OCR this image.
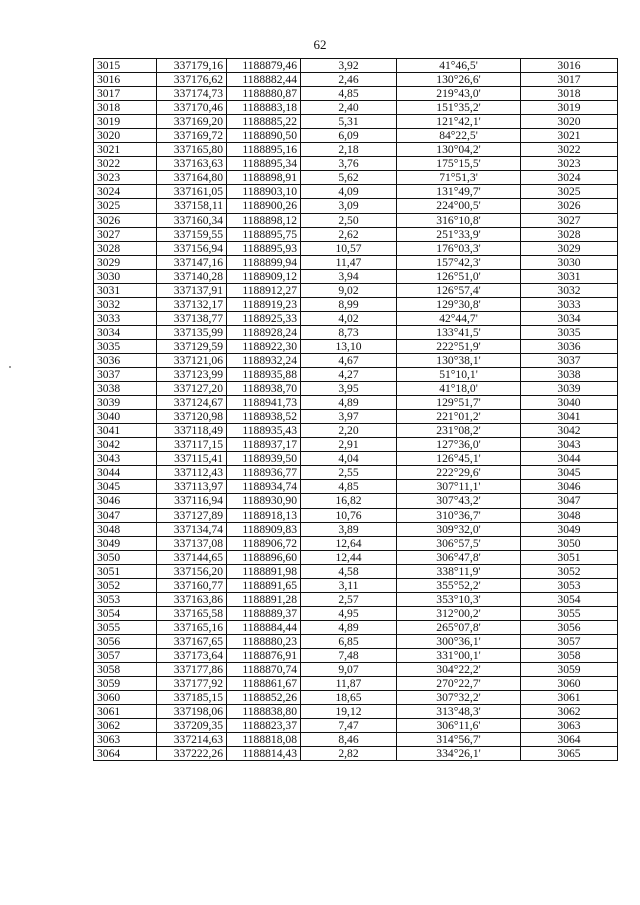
62
3015	337179,16	1188879,46	3,92	41°46,5'	3016
3016	337176,62	1188882,44	2,46	130°26,6'	3017
3017	337174,73	1188880,87	4,85	219°43,0'	3018
3018	337170,46	1188883,18	2,40	151°35,2'	3019
3019	337169,20	1188885,22	5,31	121°42,1'	3020
3020	337169,72	1188890,50	6,09	84°22,5'	3021
3021	337165,80	1188895,16	2,18	130°04,2'	3022
3022	337163,63	1188895,34	3,76	175°15,5'	3023
3023	337164,80	1188898,91	5,62	71°51,3'	3024
3024	337161,05	1188903,10	4,09	131°49,7'	3025
3025	337158,11	1188900,26	3,09	224°00,5'	3026
3026	337160,34	1188898,12	2,50	316°10,8'	3027
3027	337159,55	1188895,75	2,62	251°33,9'	3028
3028	337156,94	1188895,93	10,57	176°03,3'	3029
3029	337147,16	1188899,94	11,47	157°42,3'	3030
3030	337140,28	1188909,12	3,94	126°51,0'	3031
3031	337137,91	1188912,27	9,02	126°57,4'	3032
3032	337132,17	1188919,23	8,99	129°30,8'	3033
3033	337138,77	1188925,33	4,02	42°44,7'	3034
3034	337135,99	1188928,24	8,73	133°41,5'	3035
3035	337129,59	1188922,30	13,10	222°51,9'	3036
3036	337121,06	1188932,24	4,67	130°38,1'	3037
3037	337123,99	1188935,88	4,27	51°10,1'	3038
3038	337127,20	1188938,70	3,95	41°18,0'	3039
3039	337124,67	1188941,73	4,89	129°51,7'	3040
3040	337120,98	1188938,52	3,97	221°01,2'	3041
3041	337118,49	1188935,43	2,20	231°08,2'	3042
3042	337117,15	1188937,17	2,91	127°36,0'	3043
3043	337115,41	1188939,50	4,04	126°45,1'	3044
3044	337112,43	1188936,77	2,55	222°29,6'	3045
3045	337113,97	1188934,74	4,85	307°11,1'	3046
3046	337116,94	1188930,90	16,82	307°43,2'	3047
3047	337127,89	1188918,13	10,76	310°36,7'	3048
3048	337134,74	1188909,83	3,89	309°32,0'	3049
3049	337137,08	1188906,72	12,64	306°57,5'	3050
3050	337144,65	1188896,60	12,44	306°47,8'	3051
3051	337156,20	1188891,98	4,58	338°11,9'	3052
3052	337160,77	1188891,65	3,11	355°52,2'	3053
3053	337163,86	1188891,28	2,57	353°10,3'	3054
3054	337165,58	1188889,37	4,95	312°00,2'	3055
3055	337165,16	1188884,44	4,89	265°07,8'	3056
3056	337167,65	1188880,23	6,85	300°36,1'	3057
3057	337173,64	1188876,91	7,48	331°00,1'	3058
3058	337177,86	1188870,74	9,07	304°22,2'	3059
3059	337177,92	1188861,67	11,87	270°22,7'	3060
3060	337185,15	1188852,26	18,65	307°32,2'	3061
3061	337198,06	1188838,80	19,12	313°48,3'	3062
3062	337209,35	1188823,37	7,47	306°11,6'	3063
3063	337214,63	1188818,08	8,46	314°56,7'	3064
3064	337222,26	1188814,43	2,82	334°26,1'	3065
